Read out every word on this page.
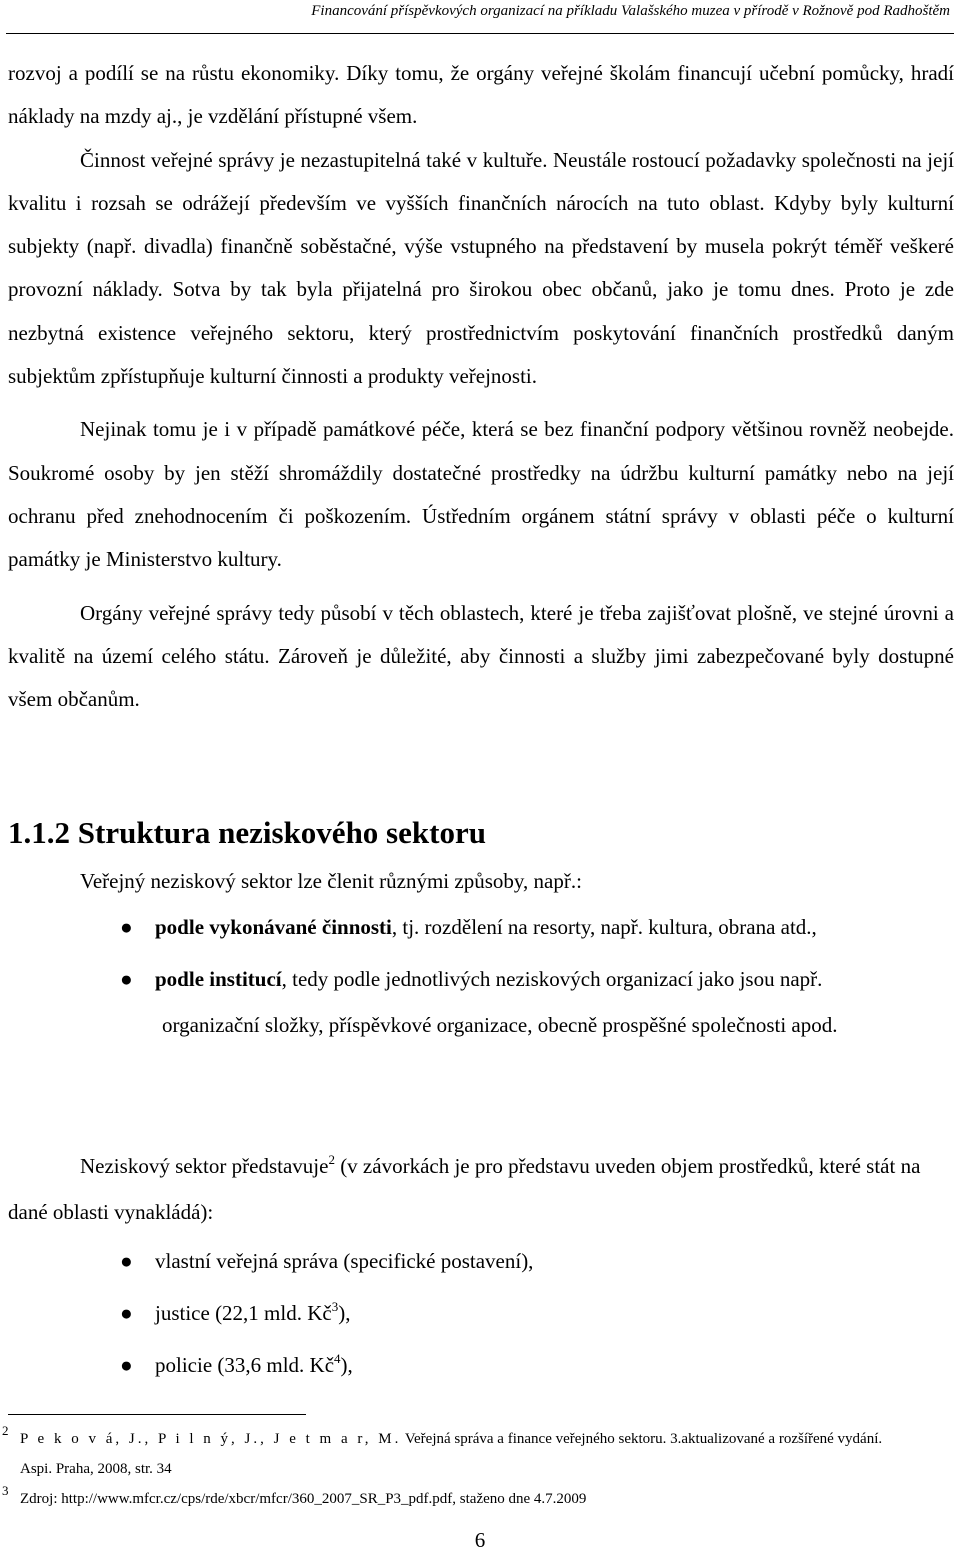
Financování příspěvkových organizací na příkladu Valašského muzea v přírodě v Rožnově pod Radhoštěm

rozvoj a podílí se na růstu ekonomiky. Díky tomu, že orgány veřejné školám financují učební pomůcky, hradí náklady na mzdy aj., je vzdělání přístupné všem.

Činnost veřejné správy je nezastupitelná také v kultuře. Neustále rostoucí požadavky společnosti na její kvalitu i rozsah se odrážejí především ve vyšších finančních nárocích na tuto oblast. Kdyby byly kulturní subjekty (např. divadla) finančně soběstačné, výše vstupného na představení by musela pokrýt téměř veškeré provozní náklady. Sotva by tak byla přijatelná pro širokou obec občanů, jako je tomu dnes. Proto je zde nezbytná existence veřejného sektoru, který prostřednictvím poskytování finančních prostředků daným subjektům zpřístupňuje kulturní činnosti a produkty veřejnosti.

Nejinak tomu je i v případě památkové péče, která se bez finanční podpory většinou rovněž neobejde. Soukromé osoby by jen stěží shromáždily dostatečné prostředky na údržbu kulturní památky nebo na její ochranu před znehodnocením či poškozením. Ústředním orgánem státní správy v oblasti péče o kulturní památky je Ministerstvo kultury.

Orgány veřejné správy tedy působí v těch oblastech, které je třeba zajišťovat plošně, ve stejné úrovni a kvalitě na území celého státu. Zároveň je důležité, aby činnosti a služby jimi zabezpečované byly dostupné všem občanům.

1.1.2 Struktura neziskového sektoru
Veřejný neziskový sektor lze členit různými způsoby, např.:
● podle vykonávané činnosti, tj. rozdělení na resorty, např. kultura, obrana atd.,
● podle institucí, tedy podle jednotlivých neziskových organizací jako jsou např.
organizační složky, příspěvkové organizace, obecně prospěšné společnosti apod.
Neziskový sektor představuje$^2$ (v závorkách je pro představu uveden objem prostředků, které stát na dané oblasti vynakládá):
● vlastní veřejná správa (specifické postavení),
● justice (22,1 mld. $Kč^3$),
● policie (33,6 mld. $Kč^4$),
2
P e k o v á, J., P i l n ý, J., J e t m a r, M. Veřejná správa a finance veřejného sektoru. 3.aktualizované a rozšířené vydání.
Aspi. Praha, 2008, str. 34
3
Zdroj: http://www.mfcr.cz/cps/rde/xbcr/mfcr/360_2007_SR_P3_pdf.pdf, staženo dne 4.7.2009
6
